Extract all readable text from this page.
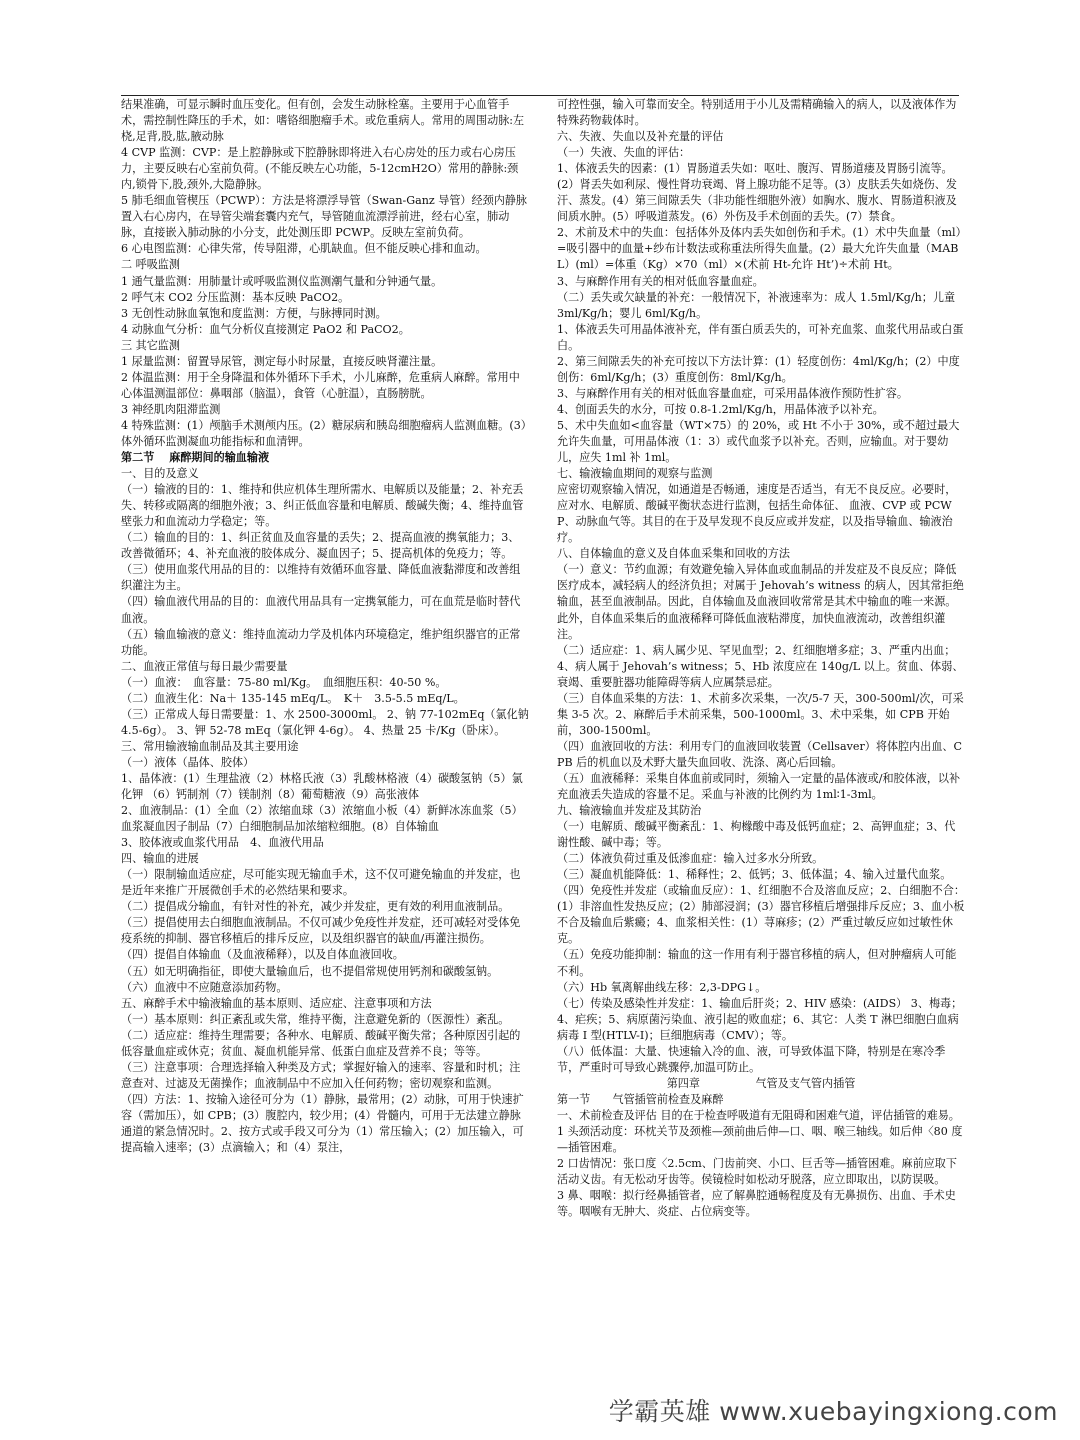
结果准确，可显示瞬时血压变化。但有创，会发生动脉栓塞。主要用于心血管手术，需控制性降压的手术，如：嗜铬细胞瘤手术。或危重病人。常用的周围动脉:左桡,足背,股,肱,腋动脉

4 CVP 监测：CVP：是上腔静脉或下腔静脉即将进入右心房处的压力或右心房压力，主要反映右心室前负荷。(不能反映左心功能，5-12cmH2O）常用的静脉:颈内,锁骨下,股,颈外,大隐静脉。

5 肺毛细血管楔压（PCWP）：方法是将漂浮导管（Swan-Ganz 导管）经颈内静脉置入右心房内，在导管尖端套囊内充气，导管随血流漂浮前进，经右心室，肺动脉，直接嵌入肺动脉的小分支，此处测压即 PCWP。反映左室前负荷。

6 心电图监测：心律失常，传导阻滞，心肌缺血。但不能反映心排和血动。

二 呼吸监测

1 通气量监测：用肺量计或呼吸监测仪监测潮气量和分钟通气量。

2 呼气末 CO2 分压监测：基本反映 PaCO2。

3 无创性动脉血氧饱和度监测：方便，与脉搏同时测。

4 动脉血气分析：血气分析仪直接测定 PaO2 和 PaCO2。

三 其它监测

1 尿量监测：留置导尿管，测定每小时尿量，直接反映肾灌注量。

2 体温监测：用于全身降温和体外循环下手术，小儿麻醉，危重病人麻醉。常用中心体温测温部位：鼻咽部（脑温），食管（心脏温），直肠膀胱。

3 神经肌肉阻滞监测

4 特殊监测：(1）颅脑手术测颅内压。(2）糖尿病和胰岛细胞瘤病人监测血糖。(3）体外循环监测凝血功能指标和血清钾。

第二节　 麻醉期间的输血输液

一、目的及意义

（一）输液的目的：1、维持和供应机体生理所需水、电解质以及能量；2、补充丢失、转移或隔离的细胞外液；3、纠正低血容量和电解质、酸碱失衡；4、维持血管壁张力和血流动力学稳定；等。

（二）输血的目的：1、纠正贫血及血容量的丢失；2、提高血液的携氧能力；3、改善微循环；4、补充血液的胶体成分、凝血因子；5、提高机体的免疫力；等。

（三）使用血浆代用品的目的：以维持有效循环血容量、降低血液黏滞度和改善组织灌注为主。

（四）输血液代用品的目的：血液代用品具有一定携氧能力，可在血荒是临时替代血液。

（五）输血输液的意义：维持血流动力学及机体内环境稳定，维护组织器官的正常功能。

二、血液正常值与每日最少需要量

（一）血液：　血容量：75-80 ml/Kg。　血细胞压积：40-50 %。

（二）血液生化：Na＋ 135-145 mEq/L。　K＋　3.5-5.5 mEq/L。

（三）正常成人每日需要量：1、水 2500-3000ml。 2、钠 77-102mEq（氯化钠 4.5-6g）。 3、钾 52-78 mEq（氯化钾 4-6g）。 4、热量 25 卡/Kg（卧床）。

三、常用输液输血制品及其主要用途

（一）液体（晶体、胶体）

1、晶体液：(1）生理盐液（2）林格氏液（3）乳酸林格液（4）碳酸氢钠（5）氯化钾 （6）钙制剂（7）镁制剂（8）葡萄糖液（9）高张液体

2、血液制品：(1）全血（2）浓缩血球（3）浓缩血小板（4）新鲜冰冻血浆（5）血浆凝血因子制品（7）白细胞制品加浓缩粒细胞。(8）自体输血

3、胶体液或血浆代用品　4、血液代用品

四、输血的进展

（一）限制输血适应症，尽可能实现无输血手术，这不仅可避免输血的并发症，也是近年来推广开展微创手术的必然结果和要求。

（二）提倡成分输血，有针对性的补充，减少并发症，更有效的利用血液制品。

（三）提倡使用去白细胞血液制品。不仅可减少免疫性并发症，还可减轻对受体免疫系统的抑制、器官移植后的排斥反应，以及组织器官的缺血/再灌注损伤。

（四）提倡自体输血（及血液稀释），以及自体血液回收。

（五）如无明确指征，即使大量输血后，也不提倡常规使用钙剂和碳酸氢钠。

（六）血液中不应随意添加药物。

五、麻醉手术中输液输血的基本原则、适应症、注意事项和方法

（一）基本原则：纠正紊乱或失常，维持平衡，注意避免新的（医源性）紊乱。

（二）适应症：维持生理需要；各种水、电解质、酸碱平衡失常；各种原因引起的低容量血症或休克；贫血、凝血机能异常、低蛋白血症及营养不良；等等。

（三）注意事项：合理选择输入种类及方式；掌握好输入的速率、容量和时机；注意查对、过滤及无菌操作；血液制品中不应加入任何药物；密切观察和监测。

（四）方法：1、按输入途径可分为（1）静脉，最常用；(2）动脉，可用于快速扩容（需加压），如 CPB；(3）腹腔内，较少用；(4）骨髓内，可用于无法建立静脉通道的紧急情况时。2、按方式或手段又可分为（1）常压输入；(2）加压输入，可提高输入速率；(3）点滴输入；和（4）泵注，

可控性强，输入可靠而安全。特别适用于小儿及需精确输入的病人，以及液体作为特殊药物载体时。

六、失液、失血以及补充量的评估

（一）失液、失血的评估：

1、体液丢失的因素：(1）胃肠道丢失如：呕吐、腹泻、胃肠道瘘及胃肠引流等。(2）肾丢失如利尿、慢性肾功衰竭、肾上腺功能不足等。(3）皮肤丢失如烧伤、发汗、蒸发。(4）第三间隙丢失（非功能性细胞外液）如胸水、腹水、胃肠道积液及间质水肿。(5）呼吸道蒸发。(6）外伤及手术创面的丢失。(7）禁食。

2、术前及术中的失血：包括体外及体内丢失如创伤和手术。(1）术中失血量（ml）=吸引器中的血量+纱布计数法或称重法所得失血量。(2）最大允许失血量（MABL）(ml）=体重（Kg）×70（ml）×(术前 Ht-允许 Ht’)÷术前 Ht。

3、与麻醉作用有关的相对低血容量血症。

（二）丢失或欠缺量的补充：一般情况下，补液速率为：成人 1.5ml/Kg/h；儿童 3ml/Kg/h；婴儿 6ml/Kg/h。

1、体液丢失可用晶体液补充，伴有蛋白质丢失的，可补充血浆、血浆代用品或白蛋白。

2、第三间隙丢失的补充可按以下方法计算：(1）轻度创伤：4ml/Kg/h；(2）中度创伤：6ml/Kg/h；(3）重度创伤：8ml/Kg/h。

3、与麻醉作用有关的相对低血容量血症，可采用晶体液作预防性扩容。

4、创面丢失的水分，可按 0.8-1.2ml/Kg/h，用晶体液予以补充。

5、术中失血如<血容量（WT×75）的 20%，或 Ht 不小于 30%，或不超过最大允许失血量，可用晶体液（1：3）或代血浆予以补充。否则，应输血。对于婴幼儿，应失 1ml 补 1ml。

七、输液输血期间的观察与监测

应密切观察输入情况，如通道是否畅通，速度是否适当，有无不良反应。必要时，应对水、电解质、酸碱平衡状态进行监测，包括生命体征、 血液、CVP 或 PCWP、动脉血气等。其目的在于及早发现不良反应或并发症，以及指导输血、输液治疗。

八、自体输血的意义及自体血采集和回收的方法

（一）意义：节约血源；有效避免输入异体血或血制品的并发症及不良反应；降低医疗成本，减轻病人的经济负担；对属于 Jehovah’s witness 的病人，因其常拒绝输血，甚至血液制品。因此，自体输血及血液回收常常是其术中输血的唯一来源。此外，自体血采集后的血液稀释可降低血液粘滞度，加快血液流动，改善组织灌注。

（二）适应症：1、病人属少见、罕见血型；2、红细胞增多症；3、严重内出血；4、病人属于 Jehovah’s witness；5、Hb 浓度应在 140g/L 以上。贫血、体弱、衰竭、重要脏器功能障碍等病人应属禁忌症。

（三）自体血采集的方法：1、术前多次采集，一次/5-7 天，300-500ml/次，可采集 3-5 次。2、麻醉后手术前采集，500-1000ml。3、术中采集，如 CPB 开始前，300-1500ml。

（四）血液回收的方法：利用专门的血液回收装置（Cellsaver）将体腔内出血、CPB 后的机血以及术野大量失血回收、洗涤、离心后回输。

（五）血液稀释：采集自体血前或同时，须输入一定量的晶体液或/和胶体液，以补充血液丢失造成的容量不足。采血与补液的比例约为 1ml∶1-3ml。

九、输液输血并发症及其防治

（一）电解质、酸碱平衡紊乱：1、枸橼酸中毒及低钙血症；2、高钾血症；3、代谢性酸、碱中毒；等。

（二）体液负荷过重及低渗血症：输入过多水分所致。

（三）凝血机能降低：1、稀释性；2、低钙；3、低体温；4、输入过量代血浆。

（四）免疫性并发症（或输血反应）：1、红细胞不合及溶血反应；2、白细胞不合：(1）非溶血性发热反应；(2）肺部浸润；(3）器官移植后增强排斥反应；3、血小板不合及输血后紫癜；4、血浆相关性：(1）荨麻疹；(2）严重过敏反应如过敏性休克。

（五）免疫功能抑制：输血的这一作用有利于器官移植的病人，但对肿瘤病人可能不利。

（六）Hb 氧离解曲线左移：2,3-DPG↓。

（七）传染及感染性并发症：1、输血后肝炎；2、HIV 感染：(AIDS） 3、梅毒；4、疟疾；5、病原菌污染血、液引起的败血症；6、其它：人类 T 淋巴细胞白血病病毒 I 型(HTLV-I)；巨细胞病毒（CMV）；等。

（八）低体温：大量、快速输入冷的血、液，可导致体温下降，特别是在寒冷季节，严重时可导致心跳骤停,加温可防止。

第四章　　　　　气管及支气管内插管

第一节　　气管插管前检查及麻醉

一、术前检查及评估 目的在于检查呼吸道有无阻碍和困难气道，评估插管的难易。

1 头颈活动度：环枕关节及颈椎—颈前曲后伸—口、咽、喉三轴线。如后伸〈80 度—插管困难。

2 口齿情况：张口度〈2.5cm、门齿前突、小口、巨舌等—插管困难。麻前应取下活动义齿。有无松动牙齿等。侯镜检时如松动牙脱落，应立即取出，以防误吸。

3 鼻、咽喉：拟行经鼻插管者，应了解鼻腔通畅程度及有无鼻损伤、出血、手术史等。咽喉有无肿大、炎症、占位病变等。

学霸英雄 www.xuebayingxiong.com
